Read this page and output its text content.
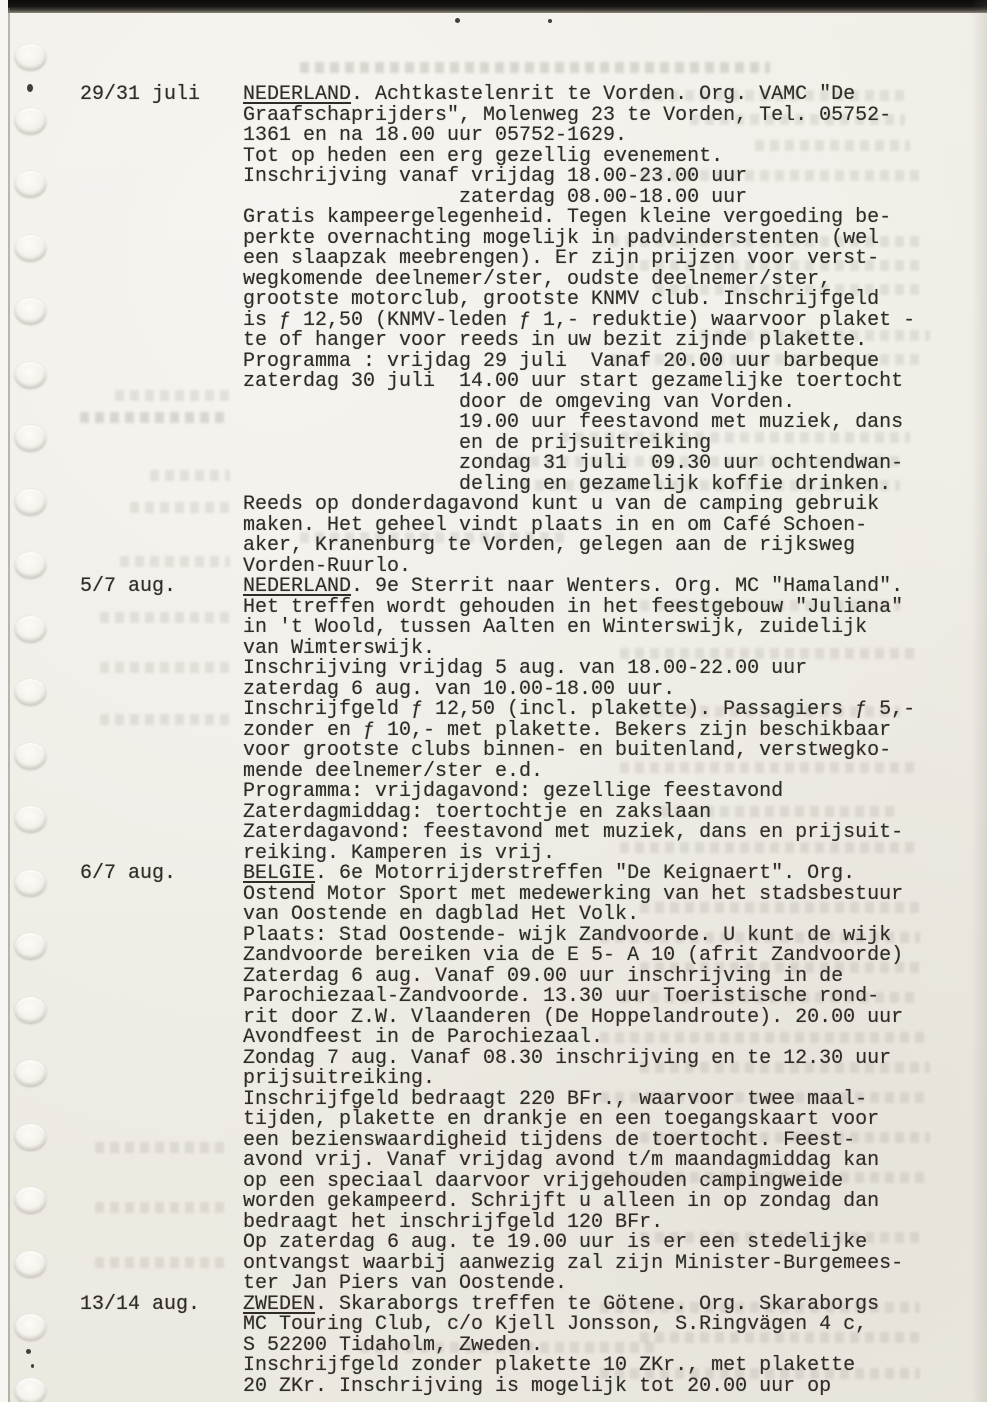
29/31 juli NEDERLAND. Achtkastelenrit te Vorden. Org. VAMC "De
Graafschaprijders", Molenweg 23 te Vorden, Tel. 05752-
1361 en na 18.00 uur 05752-1629.
Tot op heden een erg gezellig evenement.
Inschrijving vanaf vrijdag 18.00-23.00 uur
zaterdag 08.00-18.00 uur
Gratis kampeergelegenheid. Tegen kleine vergoeding be-
perkte overnachting mogelijk in padvinderstenten (wel
een slaapzak meebrengen). Er zijn prijzen voor verst-
wegkomende deelnemer/ster, oudste deelnemer/ster,
grootste motorclub, grootste KNMV club. Inschrijfgeld
is ƒ 12,50 (KNMV-leden ƒ 1,- reduktie) waarvoor plaket -
te of hanger voor reeds in uw bezit zijnde plakette.
Programma : vrijdag 29 juli  Vanaf 20.00 uur barbeque
zaterdag 30 juli  14.00 uur start gezamelijke toertocht
door de omgeving van Vorden.
19.00 uur feestavond met muziek, dans
en de prijsuitreiking
zondag 31 juli  09.30 uur ochtendwan-
deling en gezamelijk koffie drinken.
Reeds op donderdagavond kunt u van de camping gebruik
maken. Het geheel vindt plaats in en om Café Schoen-
aker, Kranenburg te Vorden, gelegen aan de rijksweg
Vorden-Ruurlo.
5/7 aug.	NEDERLAND. 9e Sterrit naar Wenters. Org. MC "Hamaland".
Het treffen wordt gehouden in het feestgebouw "Juliana"
in 't Woold, tussen Aalten en Winterswijk, zuidelijk
van Wimterswijk.
Inschrijving vrijdag 5 aug. van 18.00-22.00 uur
zaterdag 6 aug. van 10.00-18.00 uur.
Inschrijfgeld ƒ 12,50 (incl. plakette). Passagiers ƒ 5,-
zonder en ƒ 10,- met plakette. Bekers zijn beschikbaar
voor grootste clubs binnen- en buitenland, verstwegko-
mende deelnemer/ster e.d.
Programma: vrijdagavond: gezellige feestavond
Zaterdagmiddag: toertochtje en zakslaan
Zaterdagavond: feestavond met muziek, dans en prijsuit-
reiking. Kamperen is vrij.
6/7 aug.	BELGIE. 6e Motorrijderstreffen "De Keignaert". Org.
Ostend Motor Sport met medewerking van het stadsbestuur
van Oostende en dagblad Het Volk.
Plaats: Stad Oostende- wijk Zandvoorde. U kunt de wijk
Zandvoorde bereiken via de E 5- A 10 (afrit Zandvoorde)
Zaterdag 6 aug. Vanaf 09.00 uur inschrijving in de
Parochiezaal-Zandvoorde. 13.30 uur Toeristische rond-
rit door Z.W. Vlaanderen (De Hoppelandroute). 20.00 uur
Avondfeest in de Parochiezaal.
Zondag 7 aug. Vanaf 08.30 inschrijving en te 12.30 uur
prijsuitreiking.
Inschrijfgeld bedraagt 220 BFr., waarvoor twee maal-
tijden, plakette en drankje en een toegangskaart voor
een bezienswaardigheid tijdens de toertocht. Feest-
avond vrij. Vanaf vrijdag avond t/m maandagmiddag kan
op een speciaal daarvoor vrijgehouden campingweide
worden gekampeerd. Schrijft u alleen in op zondag dan
bedraagt het inschrijfgeld 120 BFr.
Op zaterdag 6 aug. te 19.00 uur is er een stedelijke
ontvangst waarbij aanwezig zal zijn Minister-Burgemees-
ter Jan Piers van Oostende.
13/14 aug. ZWEDEN. Skaraborgs treffen te Götene. Org. Skaraborgs
MC Touring Club, c/o Kjell Jonsson, S.Ringvägen 4 c,
S 52200 Tidaholm, Zweden.
Inschrijfgeld zonder plakette 10 ZKr., met plakette
20 ZKr. Inschrijving is mogelijk tot 20.00 uur op
